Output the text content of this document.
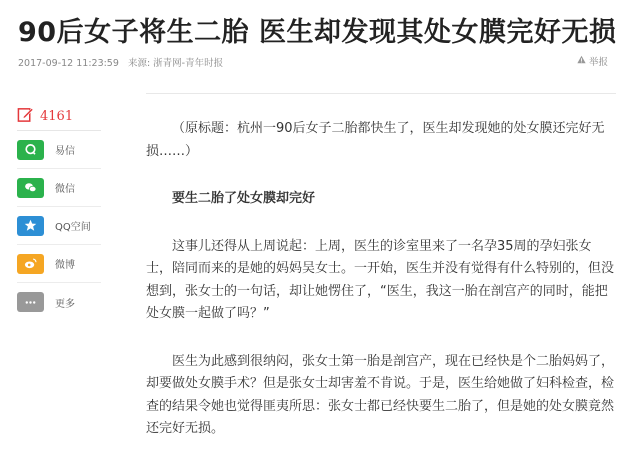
90后女子将生二胎 医生却发现其处女膜完好无损
2017-09-12 11:23:59 来源: 浙青网-青年时报	举报
4161
易信
微信
QQ空间
微博
更多

（原标题：杭州一90后女子二胎都快生了，医生却发现她的处女膜还完好无损……）

要生二胎了处女膜却完好

这事儿还得从上周说起：上周，医生的诊室里来了一名孕35周的孕妇张女士，陪同而来的是她的妈妈吴女士。一开始，医生并没有觉得有什么特别的，但没想到，张女士的一句话，却让她愣住了，“医生，我这一胎在剖宫产的同时，能把处女膜一起做了吗？”

医生为此感到很纳闷，张女士第一胎是剖宫产，现在已经快是个二胎妈妈了，却要做处女膜手术？但是张女士却害羞不肯说。于是，医生给她做了妇科检查，检查的结果令她也觉得匪夷所思：张女士都已经快要生二胎了，但是她的处女膜竟然还完好无损。
